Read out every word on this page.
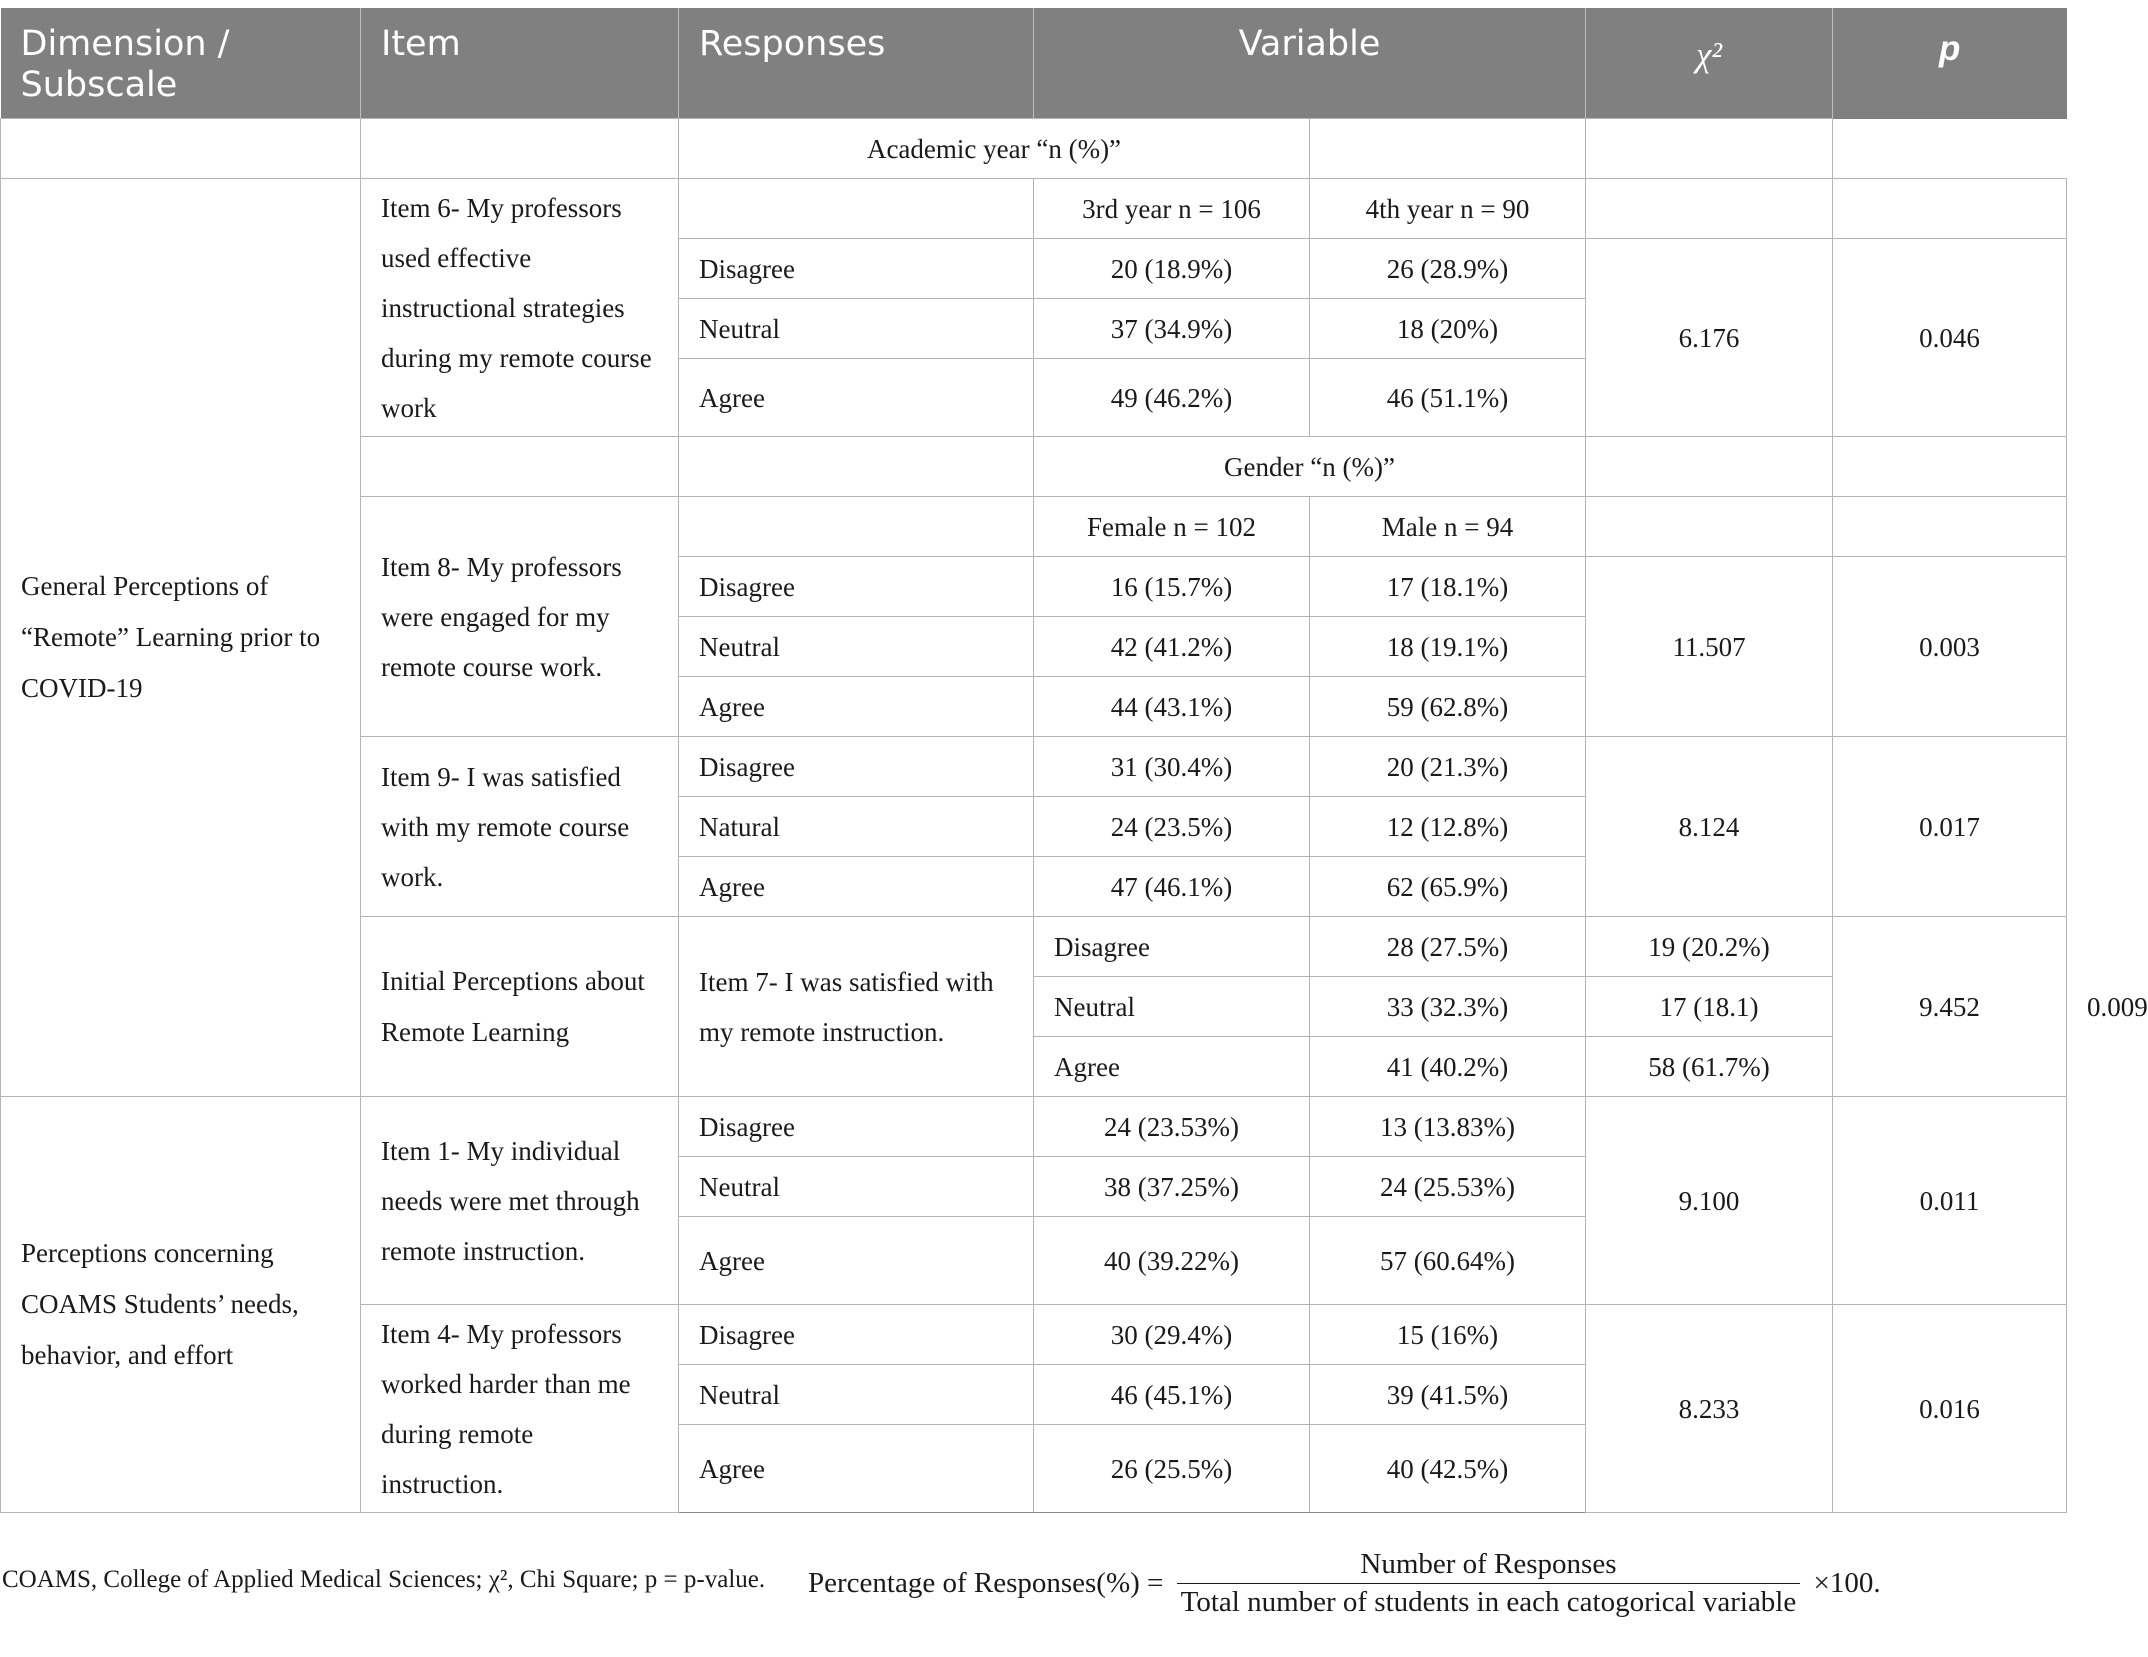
Dimension / Subscale	Item	Responses	Variable		χ²	p	
		Academic year “n (%)”					
General Perceptions of “Remote” Learning prior to COVID-19	Item 6- My professors used effective instructional strategies during my remote course work		3rd year n = 106	4th year n = 90			
		Disagree	20 (18.9%)	26 (28.9%)	6.176	0.046	
		Neutral	37 (34.9%)	18 (20%)			
		Agree	49 (46.2%)	46 (51.1%)			
			Gender “n (%)”				
	Item 8- My professors were engaged for my remote course work.		Female n = 102	Male n = 94			
		Disagree	16 (15.7%)	17 (18.1%)	11.507	0.003	
		Neutral	42 (41.2%)	18 (19.1%)			
		Agree	44 (43.1%)	59 (62.8%)			
	Item 9- I was satisfied with my remote course work.	Disagree	31 (30.4%)	20 (21.3%)	8.124	0.017	
		Natural	24 (23.5%)	12 (12.8%)			
		Agree	47 (46.1%)	62 (65.9%)			
	Initial Perceptions about Remote Learning	Item 7- I was satisfied with my remote instruction.	Disagree	28 (27.5%)	19 (20.2%)	9.452	0.009
			Neutral	33 (32.3%)	17 (18.1)		
			Agree	41 (40.2%)	58 (61.7%)		
Perceptions concerning COAMS Students’ needs, behavior, and effort	Item 1- My individual needs were met through remote instruction.	Disagree	24 (23.53%)	13 (13.83%)	9.100	0.011	
		Neutral	38 (37.25%)	24 (25.53%)			
		Agree	40 (39.22%)	57 (60.64%)			
	Item 4- My professors worked harder than me during remote instruction.	Disagree	30 (29.4%)	15 (16%)	8.233	0.016	
		Neutral	46 (45.1%)	39 (41.5%)			
		Agree	26 (25.5%)	40 (42.5%)			
COAMS, College of Applied Medical Sciences; χ², Chi Square; p = p-value. Percentage of Responses(%) = $\frac{\text{Number of Responses}}{\text{Total number of students in each catogorical variable}} \times 100$.
